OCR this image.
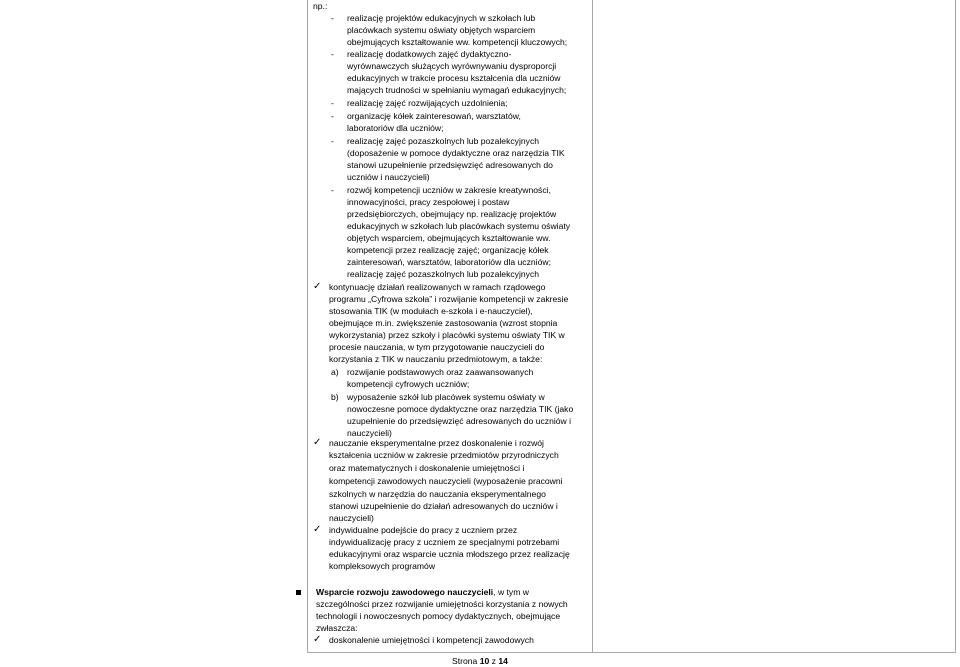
np.:
- realizację projektów edukacyjnych w szkołach lub
placówkach systemu oświaty objętych wsparciem
obejmujących kształtowanie ww. kompetencji kluczowych;
- realizację dodatkowych zajęć dydaktyczno-
wyrównawczych służących wyrównywaniu dysproporcji
edukacyjnych w trakcie procesu kształcenia dla uczniów
mających trudności w spełnianiu wymagań edukacyjnych;
- realizację zajęć rozwijających uzdolnienia;
- organizację kółek zainteresowań, warsztatów,
laboratoriów dla uczniów;
- realizację zajęć pozaszkolnych lub pozalekcyjnych
(doposażenie w pomoce dydaktyczne oraz narzędzia TIK
stanowi uzupełnienie przedsięwzięć adresowanych do
uczniów i nauczycieli)
- rozwój kompetencji uczniów w zakresie kreatywności,
innowacyjności, pracy zespołowej i postaw
przedsiębiorczych, obejmujący np. realizację projektów
edukacyjnych w szkołach lub placówkach systemu oświaty
objętych wsparciem, obejmujących kształtowanie ww.
kompetencji przez realizację zajęć; organizację kółek
zainteresowań, warsztatów, laboratoriów dla uczniów;
realizację zajęć pozaszkolnych lub pozalekcyjnych
✓ kontynuację działań realizowanych w ramach rządowego
programu „Cyfrowa szkoła” i rozwijanie kompetencji w zakresie
stosowania TIK (w modułach e-szkoła i e-nauczyciel),
obejmujące m.in. zwiększenie zastosowania (wzrost stopnia
wykorzystania) przez szkoły i placówki systemu oświaty TIK w
procesie nauczania, w tym przygotowanie nauczycieli do
korzystania z TIK w nauczaniu przedmiotowym, a także:
a) rozwijanie podstawowych oraz zaawansowanych
kompetencji cyfrowych uczniów;
b) wyposażenie szkół lub placówek systemu oświaty w
nowoczesne pomoce dydaktyczne oraz narzędzia TIK (jako
uzupełnienie do przedsięwzięć adresowanych do uczniów i
nauczycieli)
✓ nauczanie eksperymentalne przez doskonalenie i rozwój
kształcenia uczniów w zakresie przedmiotów przyrodniczych
oraz matematycznych i doskonalenie umiejętności i
kompetencji zawodowych nauczycieli (wyposażenie pracowni
szkolnych w narzędzia do nauczania eksperymentalnego
stanowi uzupełnienie do działań adresowanych do uczniów i
nauczycieli)
✓ indywidualne podejście do pracy z uczniem przez
indywidualizację pracy z uczniem ze specjalnymi potrzebami
edukacyjnymi oraz wsparcie ucznia młodszego przez realizację
kompleksowych programów
Wsparcie rozwoju zawodowego nauczycieli, w tym w
szczególności przez rozwijanie umiejętności korzystania z nowych
technologii i nowoczesnych pomocy dydaktycznych, obejmujące
zwłaszcza:
✓ doskonalenie umiejętności i kompetencji zawodowych
Strona 10 z 14
